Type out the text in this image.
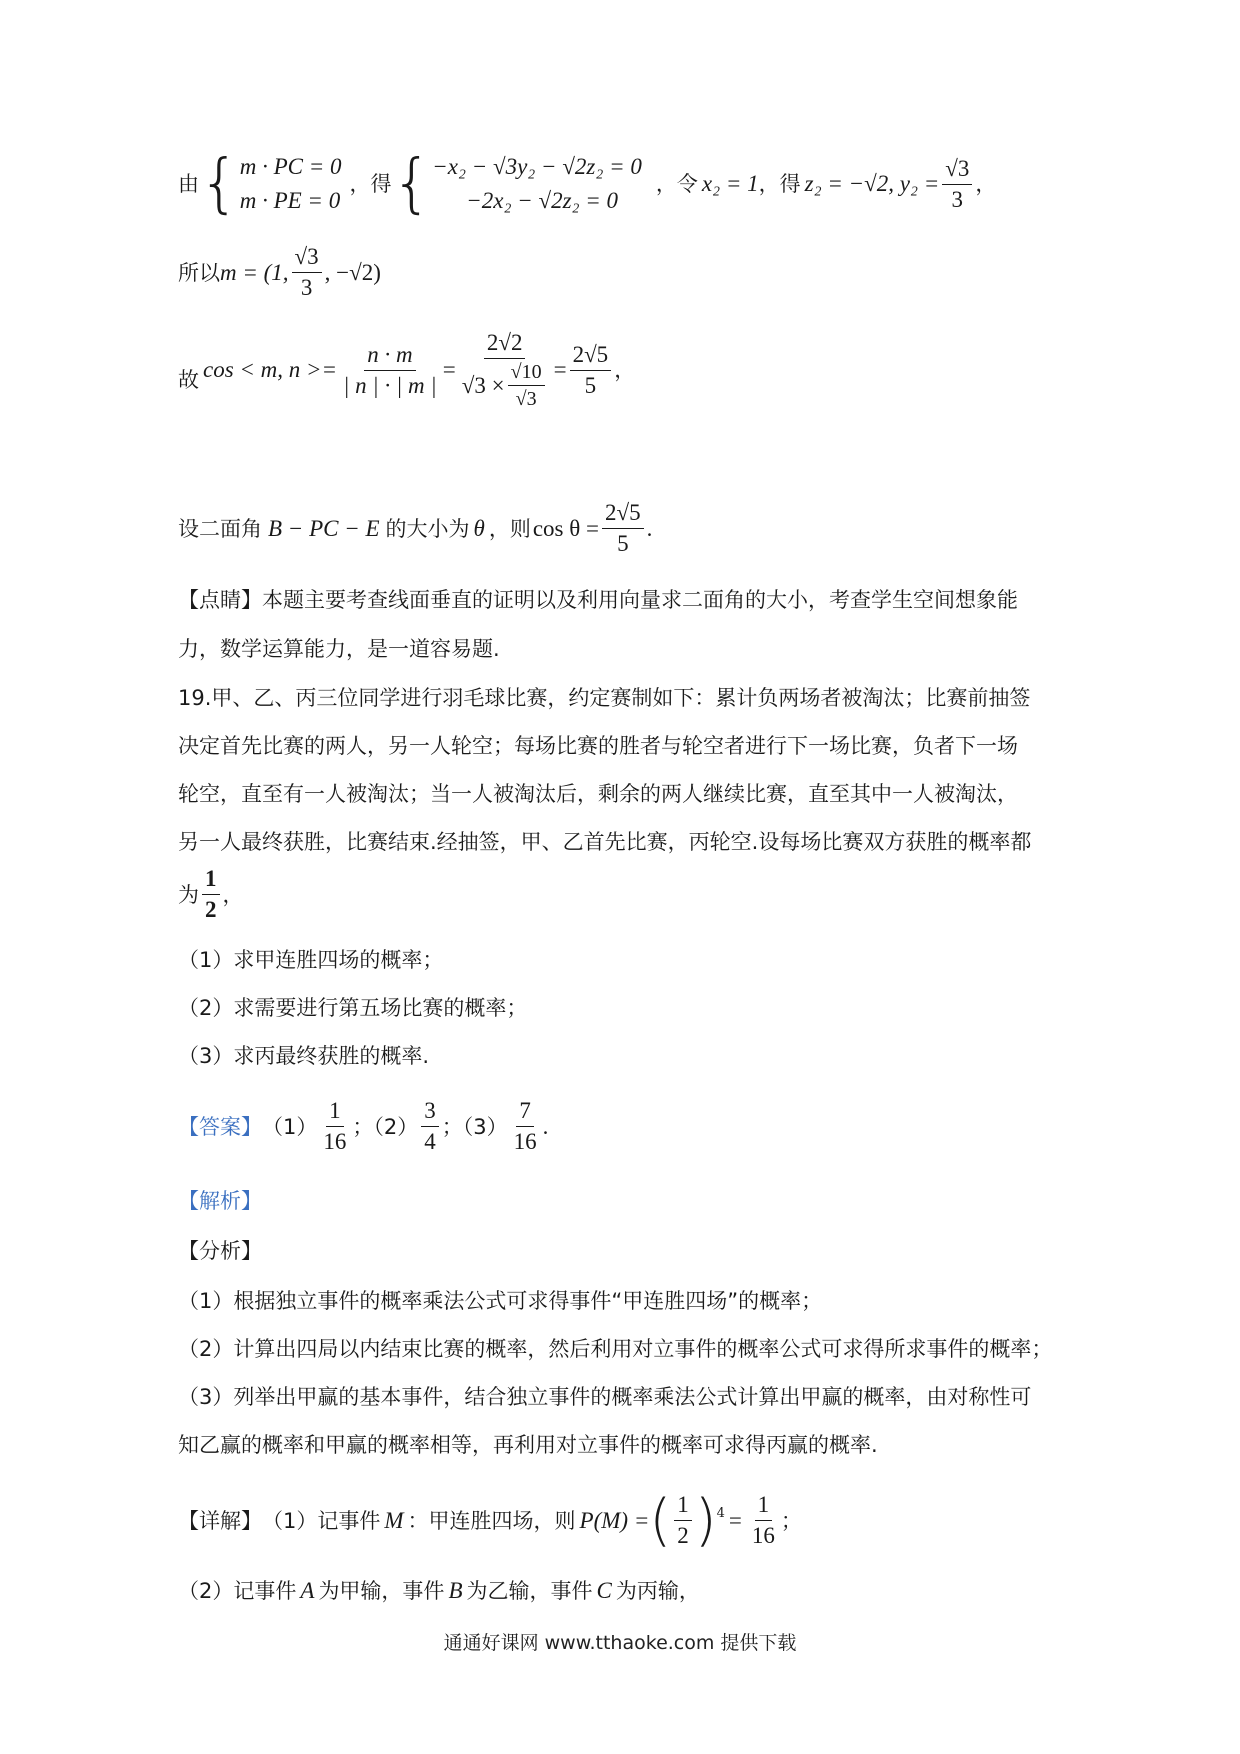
由 { m · PC = 0
m · PE = 0
，得 { −x₂ − √3y₂ − √2z₂ = 0
−2x₂ − √2z₂ = 0
，令 x₂ = 1 ，得 z₂ = −√2, $y_2 = \frac{√3}{3}$ ，
所以 m = (1, $\frac{√3}{3}$ , −√2)
故 cos < m, $n >= \frac{n \cdot m}{| n | \cdot | m |} = \frac{2√2}{√3 \times \frac{√10}{√3}} = \frac{2√5}{5}$ ，
设二面角 B − PC − E 的大小为 θ ，则 $\cos \theta = \frac{2√5}{5}$ .
【点睛】本题主要考查线面垂直的证明以及利用向量求二面角的大小，考查学生空间想象能
力，数学运算能力，是一道容易题.
19.甲、乙、丙三位同学进行羽毛球比赛，约定赛制如下：累计负两场者被淘汰；比赛前抽签
决定首先比赛的两人，另一人轮空；每场比赛的胜者与轮空者进行下一场比赛，负者下一场
轮空，直至有一人被淘汰；当一人被淘汰后，剩余的两人继续比赛，直至其中一人被淘汰，
另一人最终获胜，比赛结束.经抽签，甲、乙首先比赛，丙轮空.设每场比赛双方获胜的概率都
为 $\frac{1}{2}$ ，
（1）求甲连胜四场的概率；
（2）求需要进行第五场比赛的概率；
（3）求丙最终获胜的概率.
【答案】 $(1) \frac{1}{16}$ ；$(2) \frac{3}{4}$ ；$(3) \frac{7}{16}$ .
【解析】
【分析】
（1）根据独立事件的概率乘法公式可求得事件“甲连胜四场”的概率；
（2）计算出四局以内结束比赛的概率，然后利用对立事件的概率公式可求得所求事件的概率；
（3）列举出甲赢的基本事件，结合独立事件的概率乘法公式计算出甲赢的概率，由对称性可
知乙赢的概率和甲赢的概率相等，再利用对立事件的概率可求得丙赢的概率.
【详解】 （1）记事件 M ：甲连胜四场，则 P(M) = ( $\frac{1}{2} )^4 = \frac{1}{16}$ ；
（2）记事件 A 为甲输，事件 B 为乙输，事件 C 为丙输，
通通好课网 www.tthaoke.com 提供下载
